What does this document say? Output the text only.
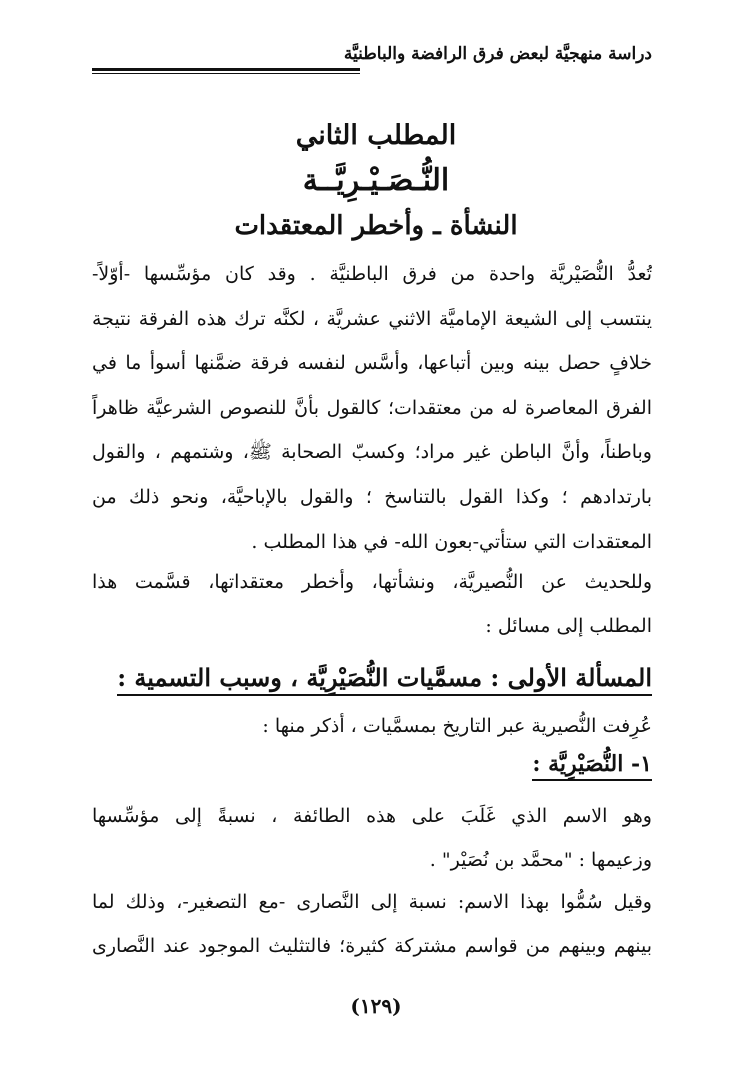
دراسة منهجيَّة لبعض فرق الرافضة والباطنيَّة
المطلب الثاني
النُّـصَـيْـرِيَّــة
النشأة ـ وأخطر المعتقدات
تُعدُّ النُّصَيْريَّة واحدة من فرق الباطنيَّة . وقد كان مؤسِّسها -أوّلاً-
ينتسب إلى الشيعة الإماميَّة الاثني عشريَّة ، لكنَّه ترك هذه الفرقة نتيجة
خلافٍ حصل بينه وبين أتباعها، وأسَّس لنفسه فرقة ضمَّنها أسوأ ما في
الفرق المعاصرة له من معتقدات؛ كالقول بأنَّ للنصوص الشرعيَّة ظاهراً
وباطناً، وأنَّ الباطن غير مراد؛ وكسبّ الصحابة ﷺ، وشتمهم ، والقول
بارتدادهم ؛ وكذا القول بالتناسخ ؛ والقول بالإباحيَّة، ونحو ذلك من
المعتقدات التي ستأتي-بعون الله- في هذا المطلب .
وللحديث عن النُّصيريَّة، ونشأتها، وأخطر معتقداتها، قسَّمت هذا
المطلب إلى مسائل :
المسألة الأولى : مسمَّيات النُّصَيْرِيَّة ، وسبب التسمية :
عُرِفت النُّصيرية عبر التاريخ بمسمَّيات ، أذكر منها :
١- النُّصَيْرِيَّة :
وهو الاسم الذي غَلَبَ على هذه الطائفة ، نسبةً إلى مؤسِّسها
وزعيمها : "محمَّد بن نُصَيْر" .
وقيل سُمُّوا بهذا الاسم: نسبة إلى النَّصارى -مع التصغير-، وذلك لما
بينهم وبينهم من قواسم مشتركة كثيرة؛ فالتثليث الموجود عند النَّصارى
(١٢٩)
